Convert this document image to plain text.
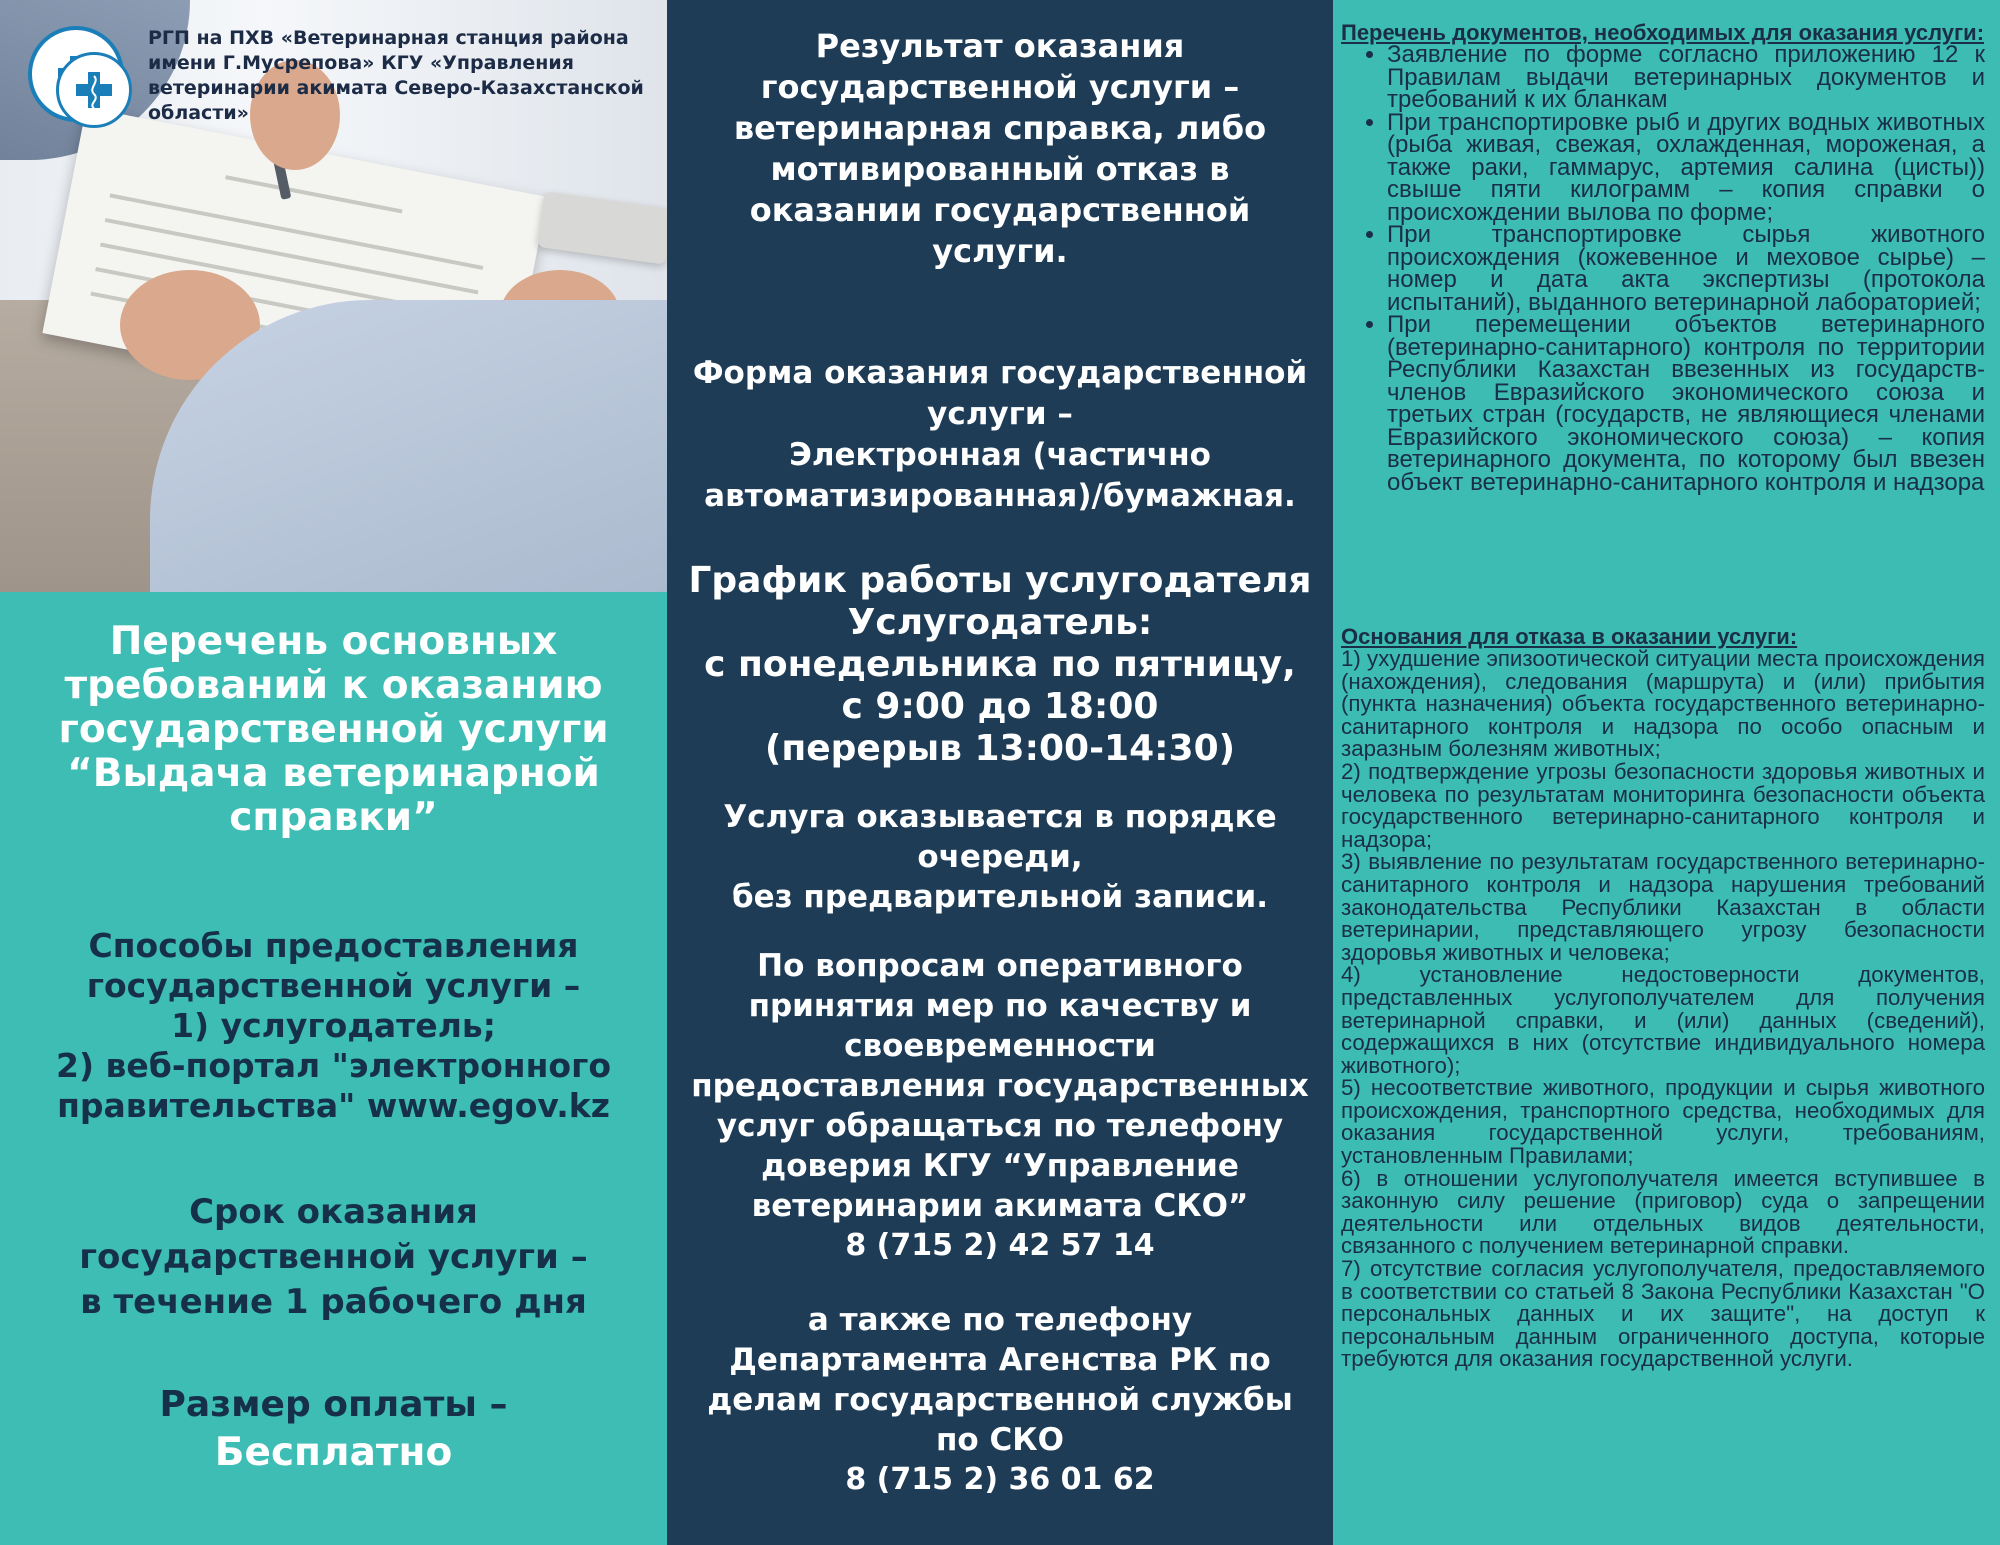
РГП на ПХВ «Ветеринарная станция района имени Г.Мусрепова» КГУ «Управления ветеринарии акимата Северо-Казахстанской области»
Перечень основных
требований к оказанию
государственной услуги
“Выдача ветеринарной
справки”
Способы предоставления
государственной услуги –
1) услугодатель;
2) веб-портал "электронного
правительства" www.egov.kz
Срок оказания
государственной услуги –
в течение 1 рабочего дня
Размер оплаты –
Бесплатно
Результат оказания
государственной услуги –
ветеринарная справка, либо
мотивированный отказ в
оказании государственной
услуги.
Форма оказания государственной
услуги –
Электронная (частично
автоматизированная)/бумажная.
График работы услугодателя
Услугодатель:
с понедельника по пятницу,
с 9:00 до 18:00
(перерыв 13:00-14:30)
Услуга оказывается в порядке
очереди,
без предварительной записи.
По вопросам оперативного
принятия мер по качеству и
своевременности
предоставления государственных
услуг обращаться по телефону
доверия КГУ “Управление
ветеринарии акимата СКО”
8 (715 2) 42 57 14
а также по телефону
Департамента Агенства РК по
делам государственной службы
по СКО
8 (715 2) 36 01 62
Перечень документов, необходимых для оказания услуги:
• Заявление по форме согласно приложению 12 к Правилам выдачи ветеринарных документов и требований к их бланкам
• При транспортировке рыб и других водных животных (рыба живая, свежая, охлажденная, мороженая, а также раки, гаммарус, артемия салина (цисты)) свыше пяти килограмм – копия справки о происхождении вылова по форме;
• При транспортировке сырья животного происхождения (кожевенное и меховое сырье) – номер и дата акта экспертизы (протокола испытаний), выданного ветеринарной лабораторией;
• При перемещении объектов ветеринарного (ветеринарно-санитарного) контроля по территории Республики Казахстан ввезенных из государств-членов Евразийского экономического союза и третьих стран (государств, не являющиеся членами Евразийского экономического союза) – копия ветеринарного документа, по которому был ввезен объект ветеринарно-санитарного контроля и надзора
Основания для отказа в оказании услуги:

1) ухудшение эпизоотической ситуации места происхождения (нахождения), следования (маршрута) и (или) прибытия (пункта назначения) объекта государственного ветеринарно-санитарного контроля и надзора по особо опасным и заразным болезням животных;

2) подтверждение угрозы безопасности здоровья животных и человека по результатам мониторинга безопасности объекта государственного ветеринарно-санитарного контроля и надзора;

3) выявление по результатам государственного ветеринарно-санитарного контроля и надзора нарушения требований законодательства Республики Казахстан в области ветеринарии, представляющего угрозу безопасности здоровья животных и человека;

4) установление недостоверности документов, представленных услугополучателем для получения ветеринарной справки, и (или) данных (сведений), содержащихся в них (отсутствие индивидуального номера животного);

5) несоответствие животного, продукции и сырья животного происхождения, транспортного средства, необходимых для оказания государственной услуги, требованиям, установленным Правилами;

6) в отношении услугополучателя имеется вступившее в законную силу решение (приговор) суда о запрещении деятельности или отдельных видов деятельности, связанного с получением ветеринарной справки.

7) отсутствие согласия услугополучателя, предоставляемого в соответствии со статьей 8 Закона Республики Казахстан "О персональных данных и их защите", на доступ к персональным данным ограниченного доступа, которые требуются для оказания государственной услуги.
